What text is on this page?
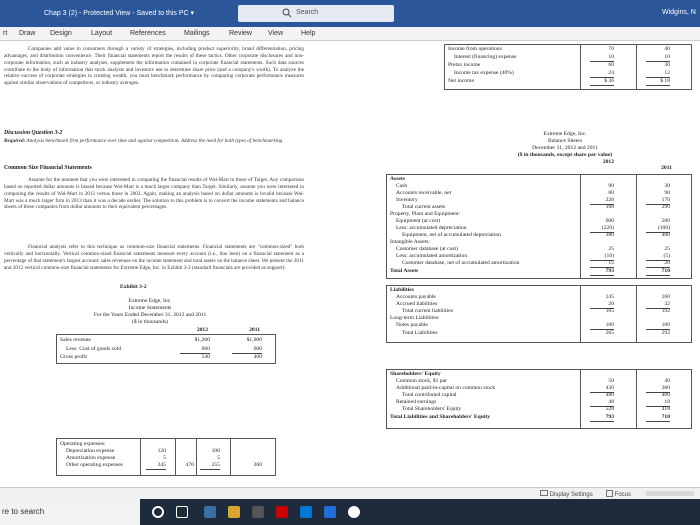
Chap 3 (2) - Protected View - Saved to this PC ▾	Search	Widgins, N
rt Draw Design	Layout	References	Mailings	Review View	Help
Companies add value to consumers through a variety of strategies, including product superiority, brand differentiation, pricing advantages, and distribution convenience. Their financial statements report the results of these tactics. Other corporate disclosures and non-corporate information, such as industry analyses, supplement the information contained in corporate financial statements. Such data sources contribute to the body of information that stock analysts and investors use to determine share price (and a company's worth). To analyze the relative success of corporate strategies in creating wealth, you must benchmark performance by comparing corporate performance measures against similar observations of competitors, or industry averages.
Discussion Question 3-2
Required: Analysis benchmark firm performance over time and against competition. Address the need for both types of benchmarking.
Common Size Financial Statements
Assume for the moment that you were interested in comparing the financial results of Wal-Mart to those of Target. Any comparison based on reported dollar amounts is biased because Wal-Mart is a much larger company than Target. Similarly, assume you were interested in comparing the results of Wal-Mart in 2013 versus those in 2003. Again, making an analysis based on dollar amounts is invalid because Wal-Mart was a much larger firm in 2013 than it was a decade earlier. The solution to this problem is to convert the income statements and balance sheets of these companies from dollar amounts to their equivalent percentages.
Financial analysts refer to this technique as common-size financial statements. Financial statements are "common-sized" both vertically and horizontally. Vertical common-sized financial statements measure every account (i.e., line item) on a financial statement as a percentage of that statement's largest account: sales revenues on the income statement and total assets on the balance sheet. We present the 2011 and 2012 vertical common-size financial statements for Extreme Edge, Inc. in Exhibit 3-2 (standard financials are provided as support):
Exhibit 3-2
Extreme Edge, Inc.
Income Statements
For the Years Ended December 31, 2012 and 2011
($ in thousands)
2012	2011
Sales revenue	$1,200	$1,000
Less: Cost of goods sold	660	600
Gross profit	540	400
Operating expenses:
Depreciation expense	120	100
Amortization expense	5	5
Other operating expenses	345	470	255	360
Income from operations	70	40
Interest (financing) expense	10	10
Pretax income	60	30
Income tax expense (40%)	24	12
Net income	$ 36	$ 18
Extreme Edge, Inc.
Balance Sheets
December 31, 2012 and 2011
($ in thousands, except share par value)
2012
2011
Assets
Cash	90	30
Accounts receivable, net	80	90
Inventory	228	170
Total current assets	398	290
Property, Plant and Equipment:
Equipment (at cost)	600	500
Less: accumulated depreciation	(220)	(100)
Equipment, net of accumulated depreciation	380	400
Intangible Assets:
Customer database (at cost)	25	25
Less: accumulated amortization	(10)	(5)
Customer database, net of accumulated amortization	15	20
Total Assets	793	710
Liabilities
Accounts payable	145	160
Accrued liabilities	20	32
Total current liabilities	165	192
Long-term Liabilities:
Notes payable	100	100
Total Liabilities	265	292
Shareholders' Equity
Common stock, $1 par	50	40
Additional paid-in-capital on common stock	430	360
Total contributed capital	480	400
Retained earnings	48	18
Total Shareholders' Equity	528	418
Total Liabilities and Shareholders' Equity	793	710
Display Settings	Focus
re to search
